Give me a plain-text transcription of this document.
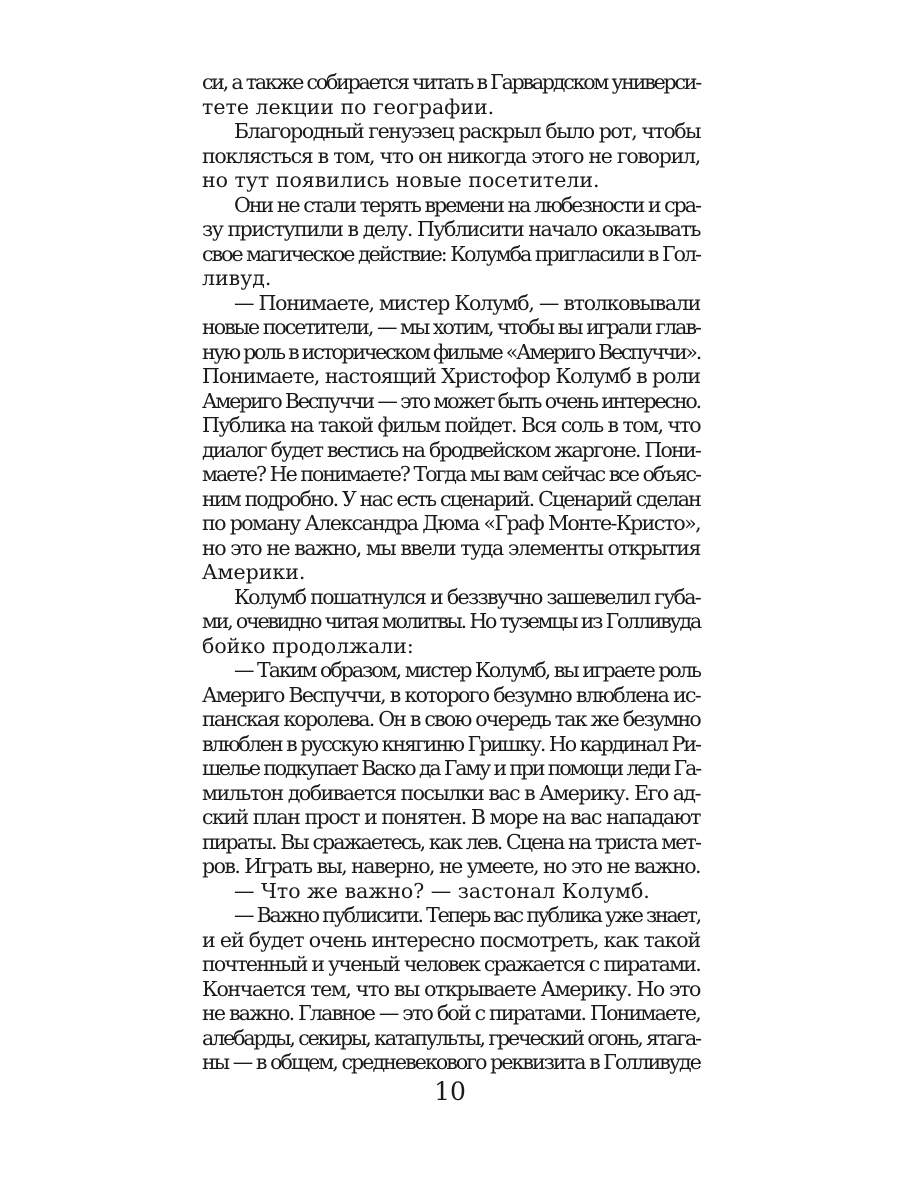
си, а также собирается читать в Гарвардском универси-
тете лекции по географии.
Благородный генуэзец раскрыл было рот, чтобы
поклясться в том, что он никогда этого не говорил,
но тут появились новые посетители.
Они не стали терять времени на любезности и сра-
зу приступили в делу. Публисити начало оказывать
свое магическое действие: Колумба пригласили в Гол-
ливуд.
— Понимаете, мистер Колумб, — втолковывали
новые посетители, — мы хотим, чтобы вы играли глав-
ную роль в историческом фильме «Америго Веспуччи».
Понимаете, настоящий Христофор Колумб в роли
Америго Веспуччи — это может быть очень интересно.
Публика на такой фильм пойдет. Вся соль в том, что
диалог будет вестись на бродвейском жаргоне. Пони-
маете? Не понимаете? Тогда мы вам сейчас все объяс-
ним подробно. У нас есть сценарий. Сценарий сделан
по роману Александра Дюма «Граф Монте-Кристо»,
но это не важно, мы ввели туда элементы открытия
Америки.
Колумб пошатнулся и беззвучно зашевелил губа-
ми, очевидно читая молитвы. Но туземцы из Голливуда
бойко продолжали:
— Таким образом, мистер Колумб, вы играете роль
Америго Веспуччи, в которого безумно влюблена ис-
панская королева. Он в свою очередь так же безумно
влюблен в русскую княгиню Гришку. Но кардинал Ри-
шелье подкупает Васко да Гаму и при помощи леди Га-
мильтон добивается посылки вас в Америку. Его ад-
ский план прост и понятен. В море на вас нападают
пираты. Вы сражаетесь, как лев. Сцена на триста мет-
ров. Играть вы, наверно, не умеете, но это не важно.
— Что же важно? — застонал Колумб.
— Важно публисити. Теперь вас публика уже знает,
и ей будет очень интересно посмотреть, как такой
почтенный и ученый человек сражается с пиратами.
Кончается тем, что вы открываете Америку. Но это
не важно. Главное — это бой с пиратами. Понимаете,
алебарды, секиры, катапульты, греческий огонь, ятага-
ны — в общем, средневекового реквизита в Голливуде
10
